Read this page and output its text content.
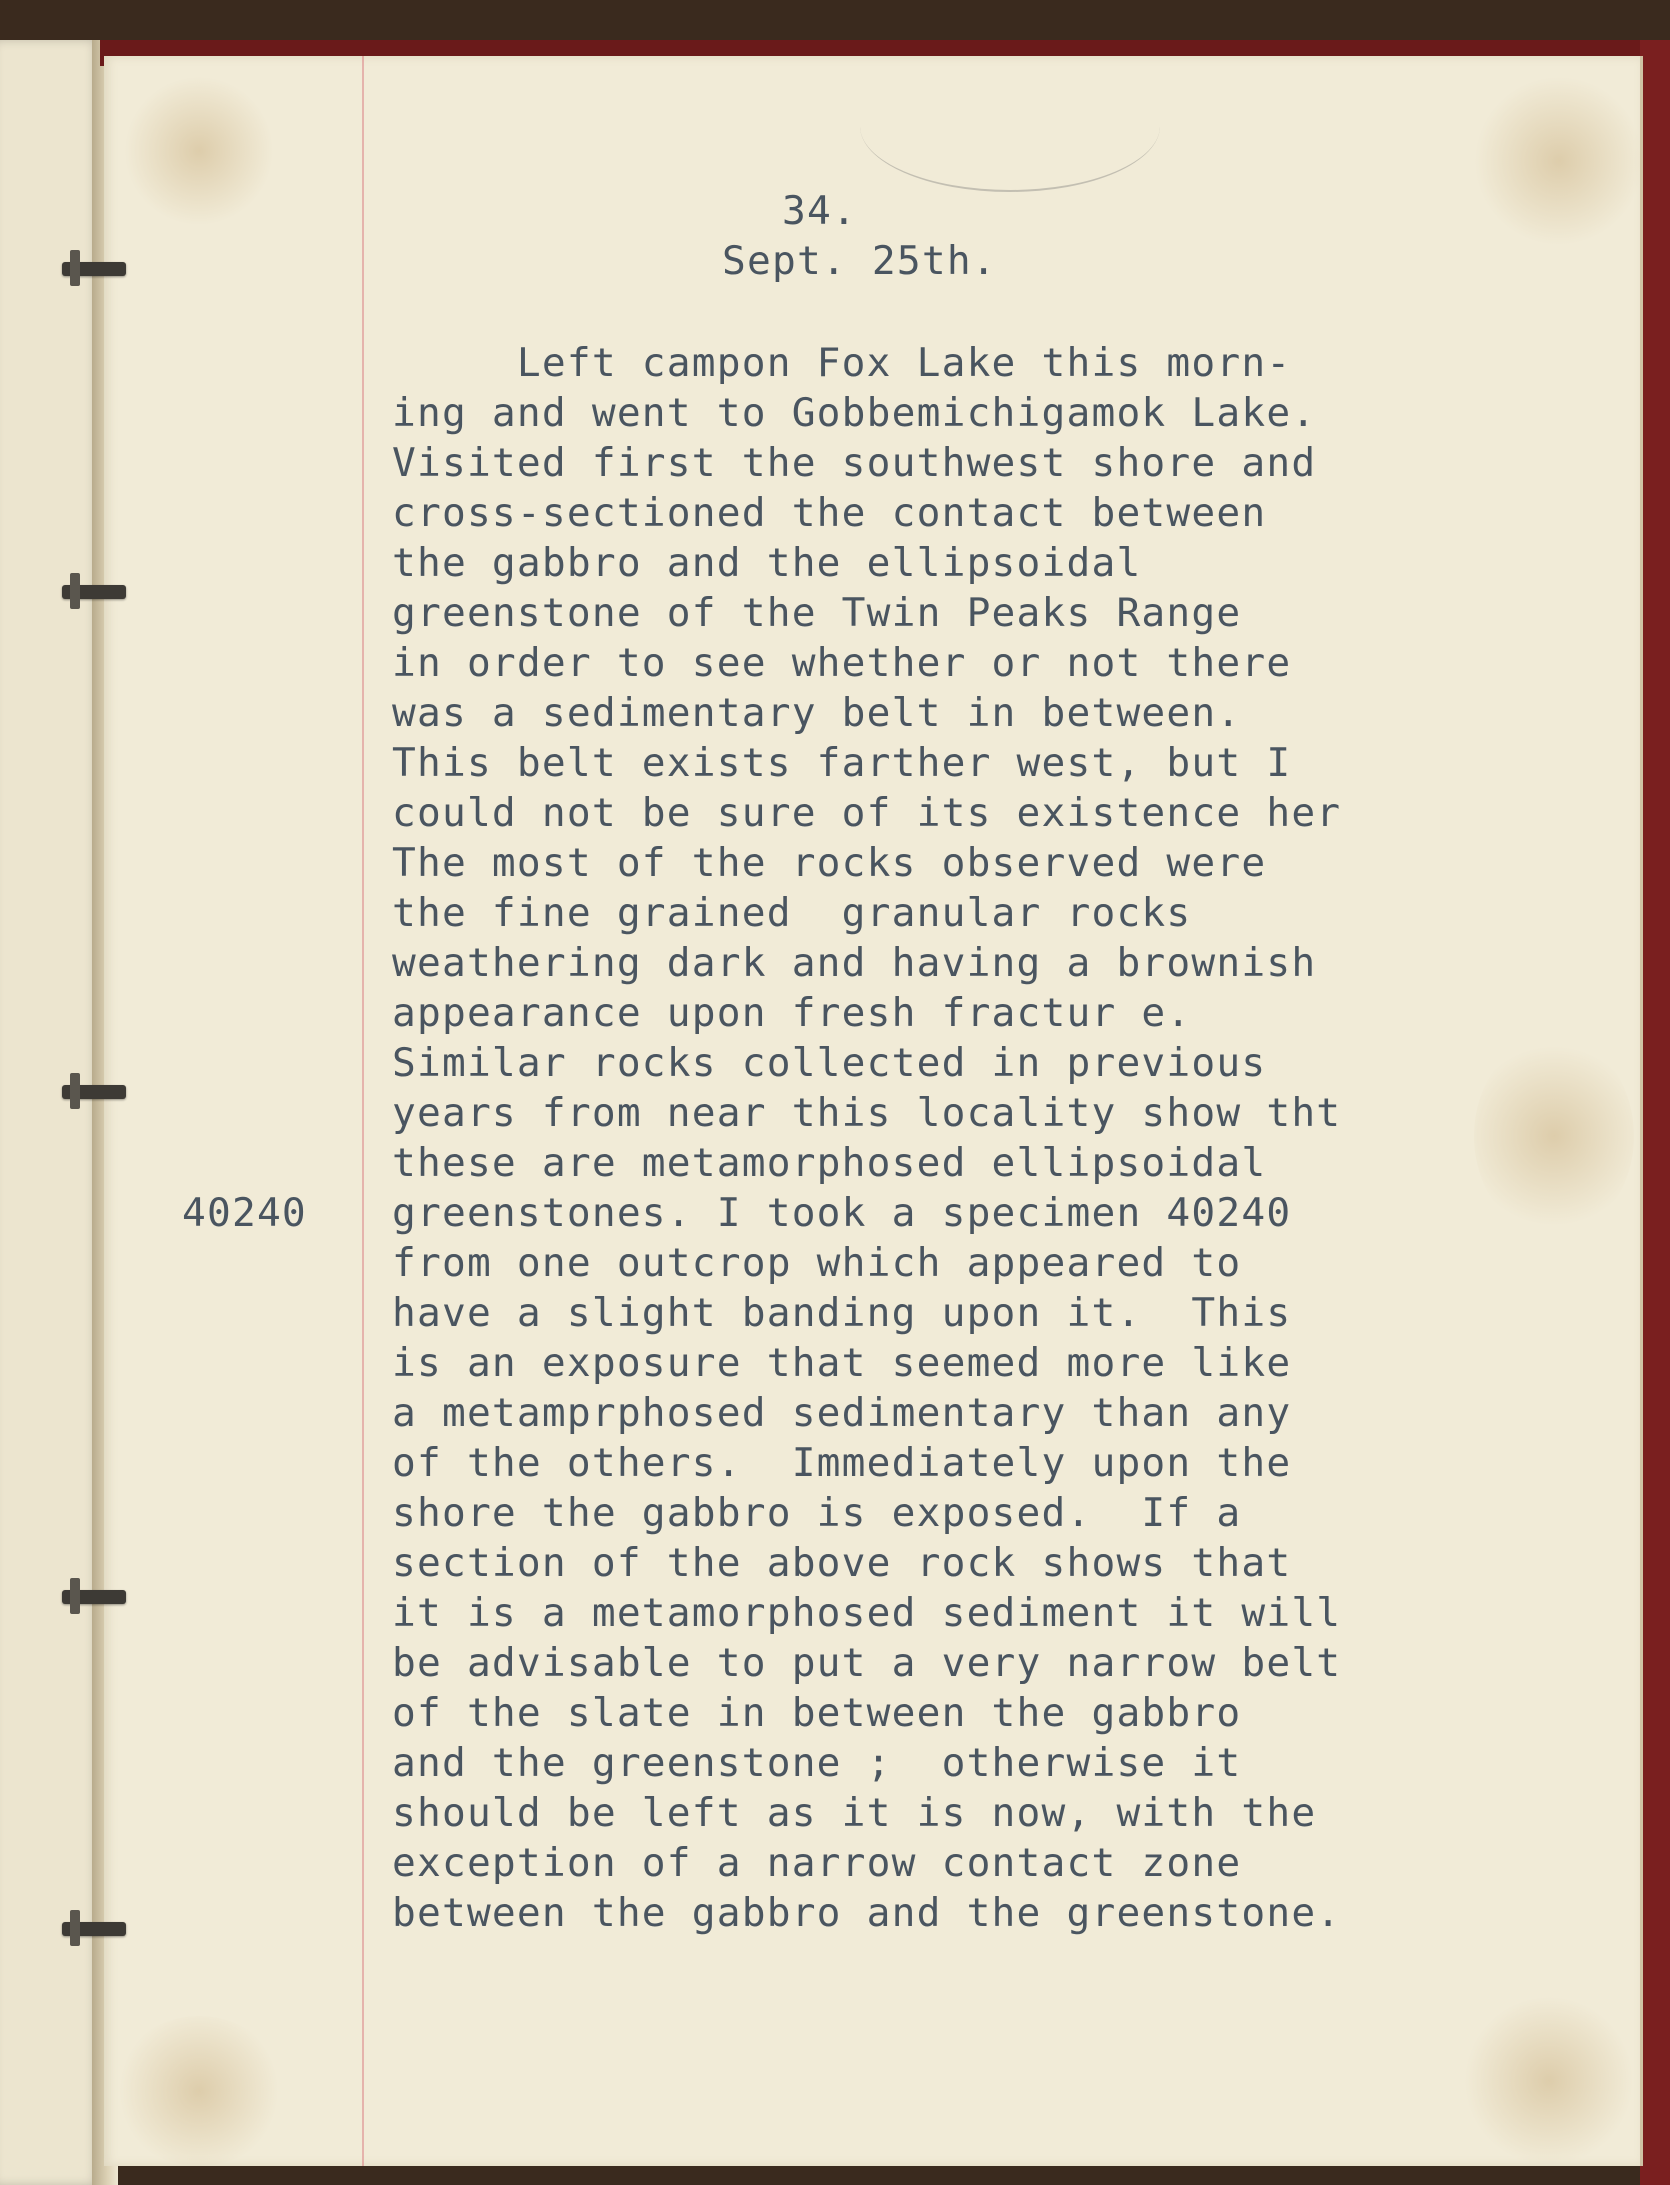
34.
Sept. 25th.
40240
Left campon Fox Lake this morn-
ing and went to Gobbemichigamok Lake.
Visited first the southwest shore and
cross-sectioned the contact between
the gabbro and the ellipsoidal
greenstone of the Twin Peaks Range
in order to see whether or not there
was a sedimentary belt in between.
This belt exists farther west, but I
could not be sure of its existence her
The most of the rocks observed were
the fine grained  granular rocks
weathering dark and having a brownish
appearance upon fresh fractur e.
Similar rocks collected in previous
years from near this locality show tht
these are metamorphosed ellipsoidal
greenstones. I took a specimen 40240
from one outcrop which appeared to
have a slight banding upon it.  This
is an exposure that seemed more like
a metamprphosed sedimentary than any
of the others.  Immediately upon the
shore the gabbro is exposed.  If a
section of the above rock shows that
it is a metamorphosed sediment it will
be advisable to put a very narrow belt
of the slate in between the gabbro
and the greenstone ;  otherwise it
should be left as it is now, with the
exception of a narrow contact zone
between the gabbro and the greenstone.
